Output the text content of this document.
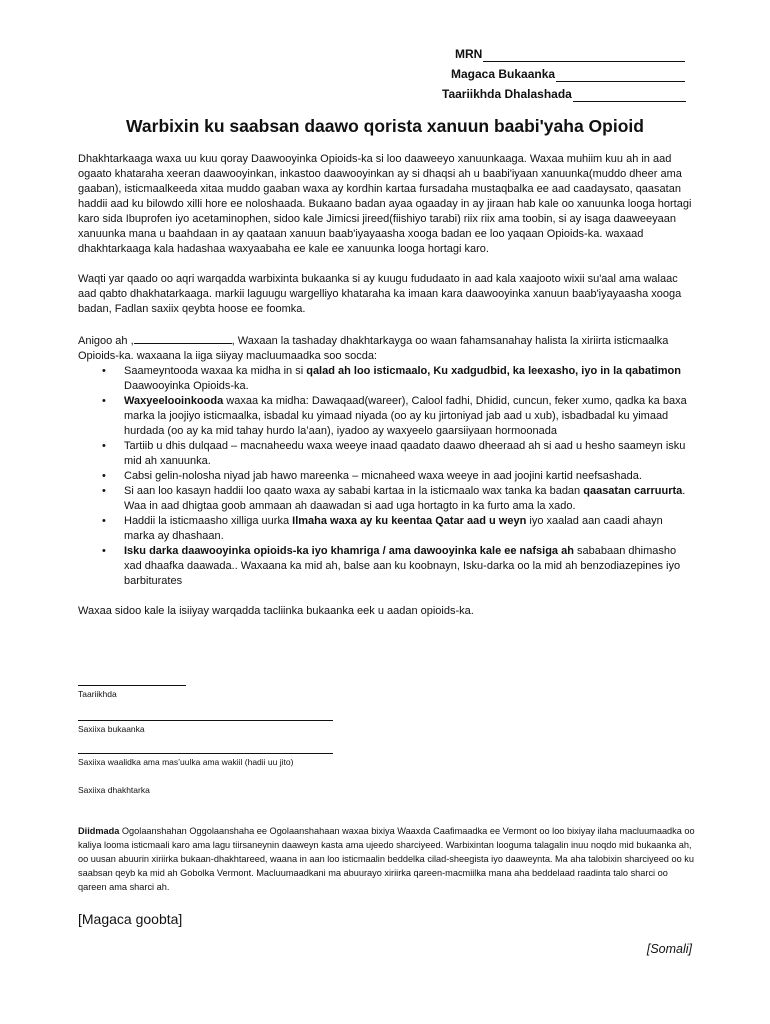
MRN
Magaca Bukaanka
Taariikhda Dhalashada
Warbixin ku saabsan daawo qorista xanuun baabi'yaha Opioid

Dhakhtarkaaga waxa uu kuu qoray Daawooyinka Opioids-ka si loo daaweeyo xanuunkaaga. Waxaa muhiim kuu ah in aad ogaato khataraha xeeran daawooyinkan, inkastoo daawooyinkan ay si dhaqsi ah u baabi'iyaan xanuunka(muddo dheer ama gaaban), isticmaalkeeda xitaa muddo gaaban waxa ay kordhin kartaa fursadaha mustaqbalka ee aad caadaysato, qaasatan haddii aad ku bilowdo xilli hore ee noloshaada. Bukaano badan ayaa ogaaday in ay jiraan hab kale oo xanuunka looga hortagi karo sida Ibuprofen iyo acetaminophen, sidoo kale Jimicsi jireed(fiishiyo tarabi) riix riix ama toobin, si ay isaga daaweeyaan xanuunka mana u baahdaan in ay qaataan xanuun baab'iyayaasha xooga badan ee loo yaqaan Opioids-ka. waxaad dhakhtarkaaga kala hadashaa waxyaabaha ee kale ee xanuunka looga hortagi karo.

Waqti yar qaado oo aqri warqadda warbixinta bukaanka si ay kuugu fududaato in aad kala xaajooto wixii su'aal ama walaac aad qabto dhakhatarkaaga. markii laguugu wargelliyo khataraha ka imaan kara daawooyinka xanuun baab'iyayaasha xooga badan, Fadlan saxiix qeybta hoose ee foomka.

Anigoo ah ,	, Waxaan la tashaday dhakhtarkayga oo waan fahamsanahay halista la xiriirta isticmaalka Opioids-ka. waxaana la iiga siiyay macluumaadka soo socda:

• Saameyntooda waxaa ka midha in si qalad ah loo isticmaalo, Ku xadgudbid, ka leexasho, iyo in la qabatimon Daawooyinka Opioids-ka.
• Waxyeelooinkooda waxaa ka midha: Dawaqaad(wareer), Calool fadhi, Dhidid, cuncun, feker xumo, qadka ka baxa marka la joojiyo isticmaalka, isbadal ku yimaad niyada (oo ay ku jirtoniyad jab aad u xub), isbadbadal ku yimaad hurdada (oo ay ka mid tahay hurdo la’aan), iyadoo ay waxyeelo gaarsiiyaan hormoonada
• Tartiib u dhis dulqaad – macnaheedu waxa weeye inaad qaadato daawo dheeraad ah si aad u hesho saameyn isku mid ah xanuunka.
• Cabsi gelin-nolosha niyad jab hawo mareenka – micnaheed waxa weeye in aad joojini kartid neefsashada.
• Si aan loo kasayn haddii loo qaato waxa ay sababi kartaa in la isticmaalo wax tanka ka badan qaasatan carruurta. Waa in aad dhigtaa goob ammaan ah daawadan si aad uga hortagto in ka furto ama la xado.
• Haddii la isticmaasho xilliga uurka Ilmaha waxa ay ku keentaa Qatar aad u weyn iyo xaalad aan caadi ahayn marka ay dhashaan.
• Isku darka daawooyinka opioids-ka iyo khamriga / ama dawooyinka kale ee nafsiga ah sababaan dhimasho xad dhaafka daawada.. Waxaana ka mid ah, balse aan ku koobnayn, Isku-darka oo la mid ah benzodiazepines iyo barbiturates

Waxaa sidoo kale la isiiyay warqadda tacliinka bukaanka eek u aadan opioids-ka.

Taariikhda
Saxiixa bukaanka
Saxiixa waalidka ama mas’uulka ama wakiil (hadii uu jito)
Saxiixa dhakhtarka
Diidmada Ogolaanshahan Oggolaanshaha ee Ogolaanshahaan waxaa bixiya Waaxda Caafimaadka ee Vermont oo loo bixiyay ilaha macluumaadka oo kaliya looma isticmaali karo ama lagu tiirsaneynin daaweyn kasta ama ujeedo sharciyeed. Warbixintan looguma talagalin inuu noqdo mid bukaanka ah, oo uusan abuurin xiriirka bukaan-dhakhtareed, waana in aan loo isticmaalin beddelka cilad-sheegista iyo daaweynta. Ma aha talobixin sharciyeed oo ku saabsan qeyb ka mid ah Gobolka Vermont. Macluumaadkani ma abuurayo xiriirka qareen-macmiilka mana aha beddelaad raadinta talo sharci oo qareen ama sharci ah.
[Magaca goobta]
[Somali]
